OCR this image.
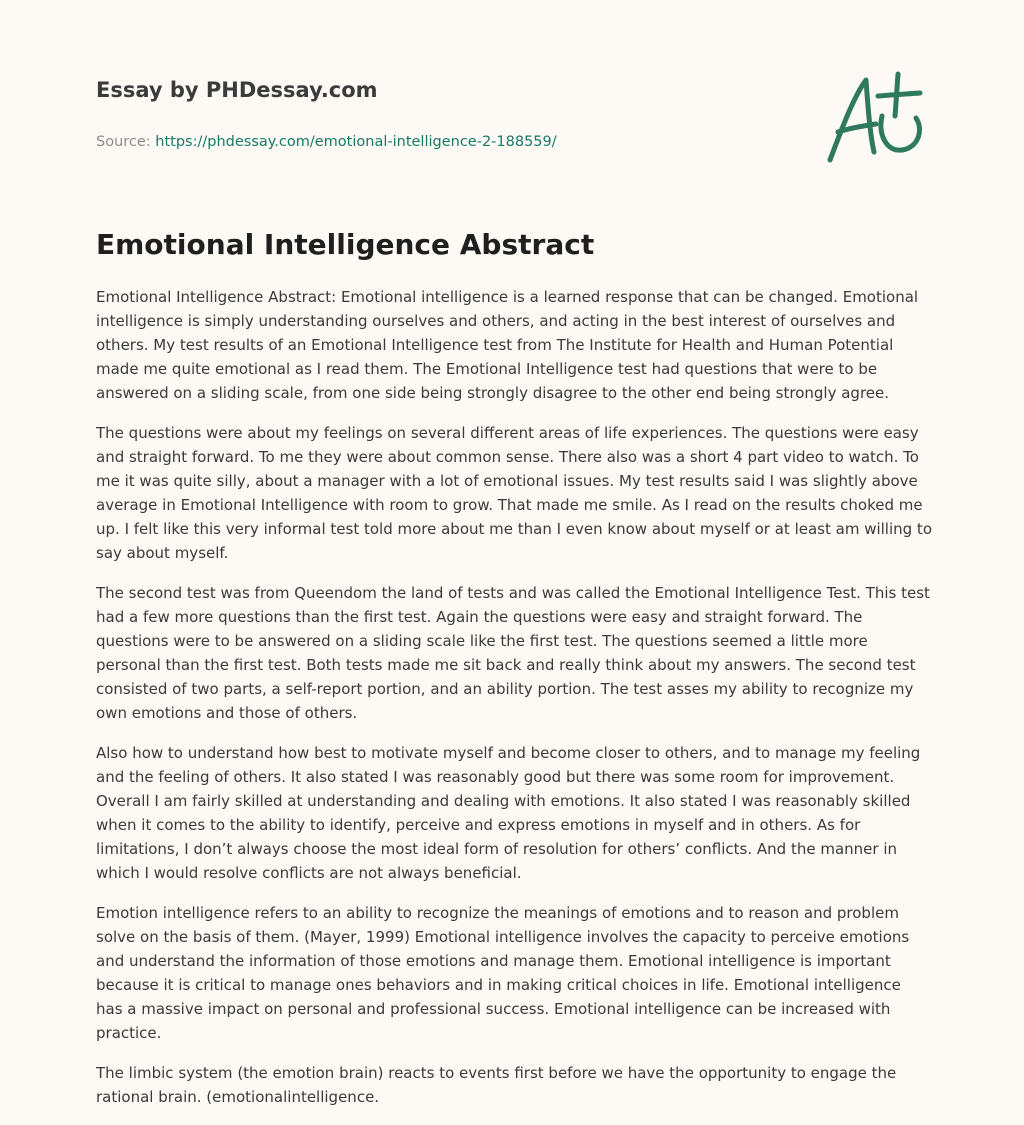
Essay by PHDessay.com
Source: https://phdessay.com/emotional-intelligence-2-188559/
Emotional Intelligence Abstract

Emotional Intelligence Abstract: Emotional intelligence is a learned response that can be changed. Emotional intelligence is simply understanding ourselves and others, and acting in the best interest of ourselves and others. My test results of an Emotional Intelligence test from The Institute for Health and Human Potential made me quite emotional as I read them. The Emotional Intelligence test had questions that were to be answered on a sliding scale, from one side being strongly disagree to the other end being strongly agree.

The questions were about my feelings on several different areas of life experiences. The questions were easy and straight forward. To me they were about common sense. There also was a short 4 part video to watch. To me it was quite silly, about a manager with a lot of emotional issues. My test results said I was slightly above average in Emotional Intelligence with room to grow. That made me smile. As I read on the results choked me up. I felt like this very informal test told more about me than I even know about myself or at least am willing to say about myself.

The second test was from Queendom the land of tests and was called the Emotional Intelligence Test. This test had a few more questions than the first test. Again the questions were easy and straight forward. The questions were to be answered on a sliding scale like the first test. The questions seemed a little more personal than the first test. Both tests made me sit back and really think about my answers. The second test consisted of two parts, a self-report portion, and an ability portion. The test asses my ability to recognize my own emotions and those of others.

Also how to understand how best to motivate myself and become closer to others, and to manage my feeling and the feeling of others. It also stated I was reasonably good but there was some room for improvement. Overall I am fairly skilled at understanding and dealing with emotions. It also stated I was reasonably skilled when it comes to the ability to identify, perceive and express emotions in myself and in others. As for limitations, I don’t always choose the most ideal form of resolution for others’ conflicts. And the manner in which I would resolve conflicts are not always beneficial.

Emotion intelligence refers to an ability to recognize the meanings of emotions and to reason and problem solve on the basis of them. (Mayer, 1999) Emotional intelligence involves the capacity to perceive emotions and understand the information of those emotions and manage them. Emotional intelligence is important because it is critical to manage ones behaviors and in making critical choices in life. Emotional intelligence has a massive impact on personal and professional success. Emotional intelligence can be increased with practice.

The limbic system (the emotion brain) reacts to events first before we have the opportunity to engage the rational brain. (emotionalintelligence.
